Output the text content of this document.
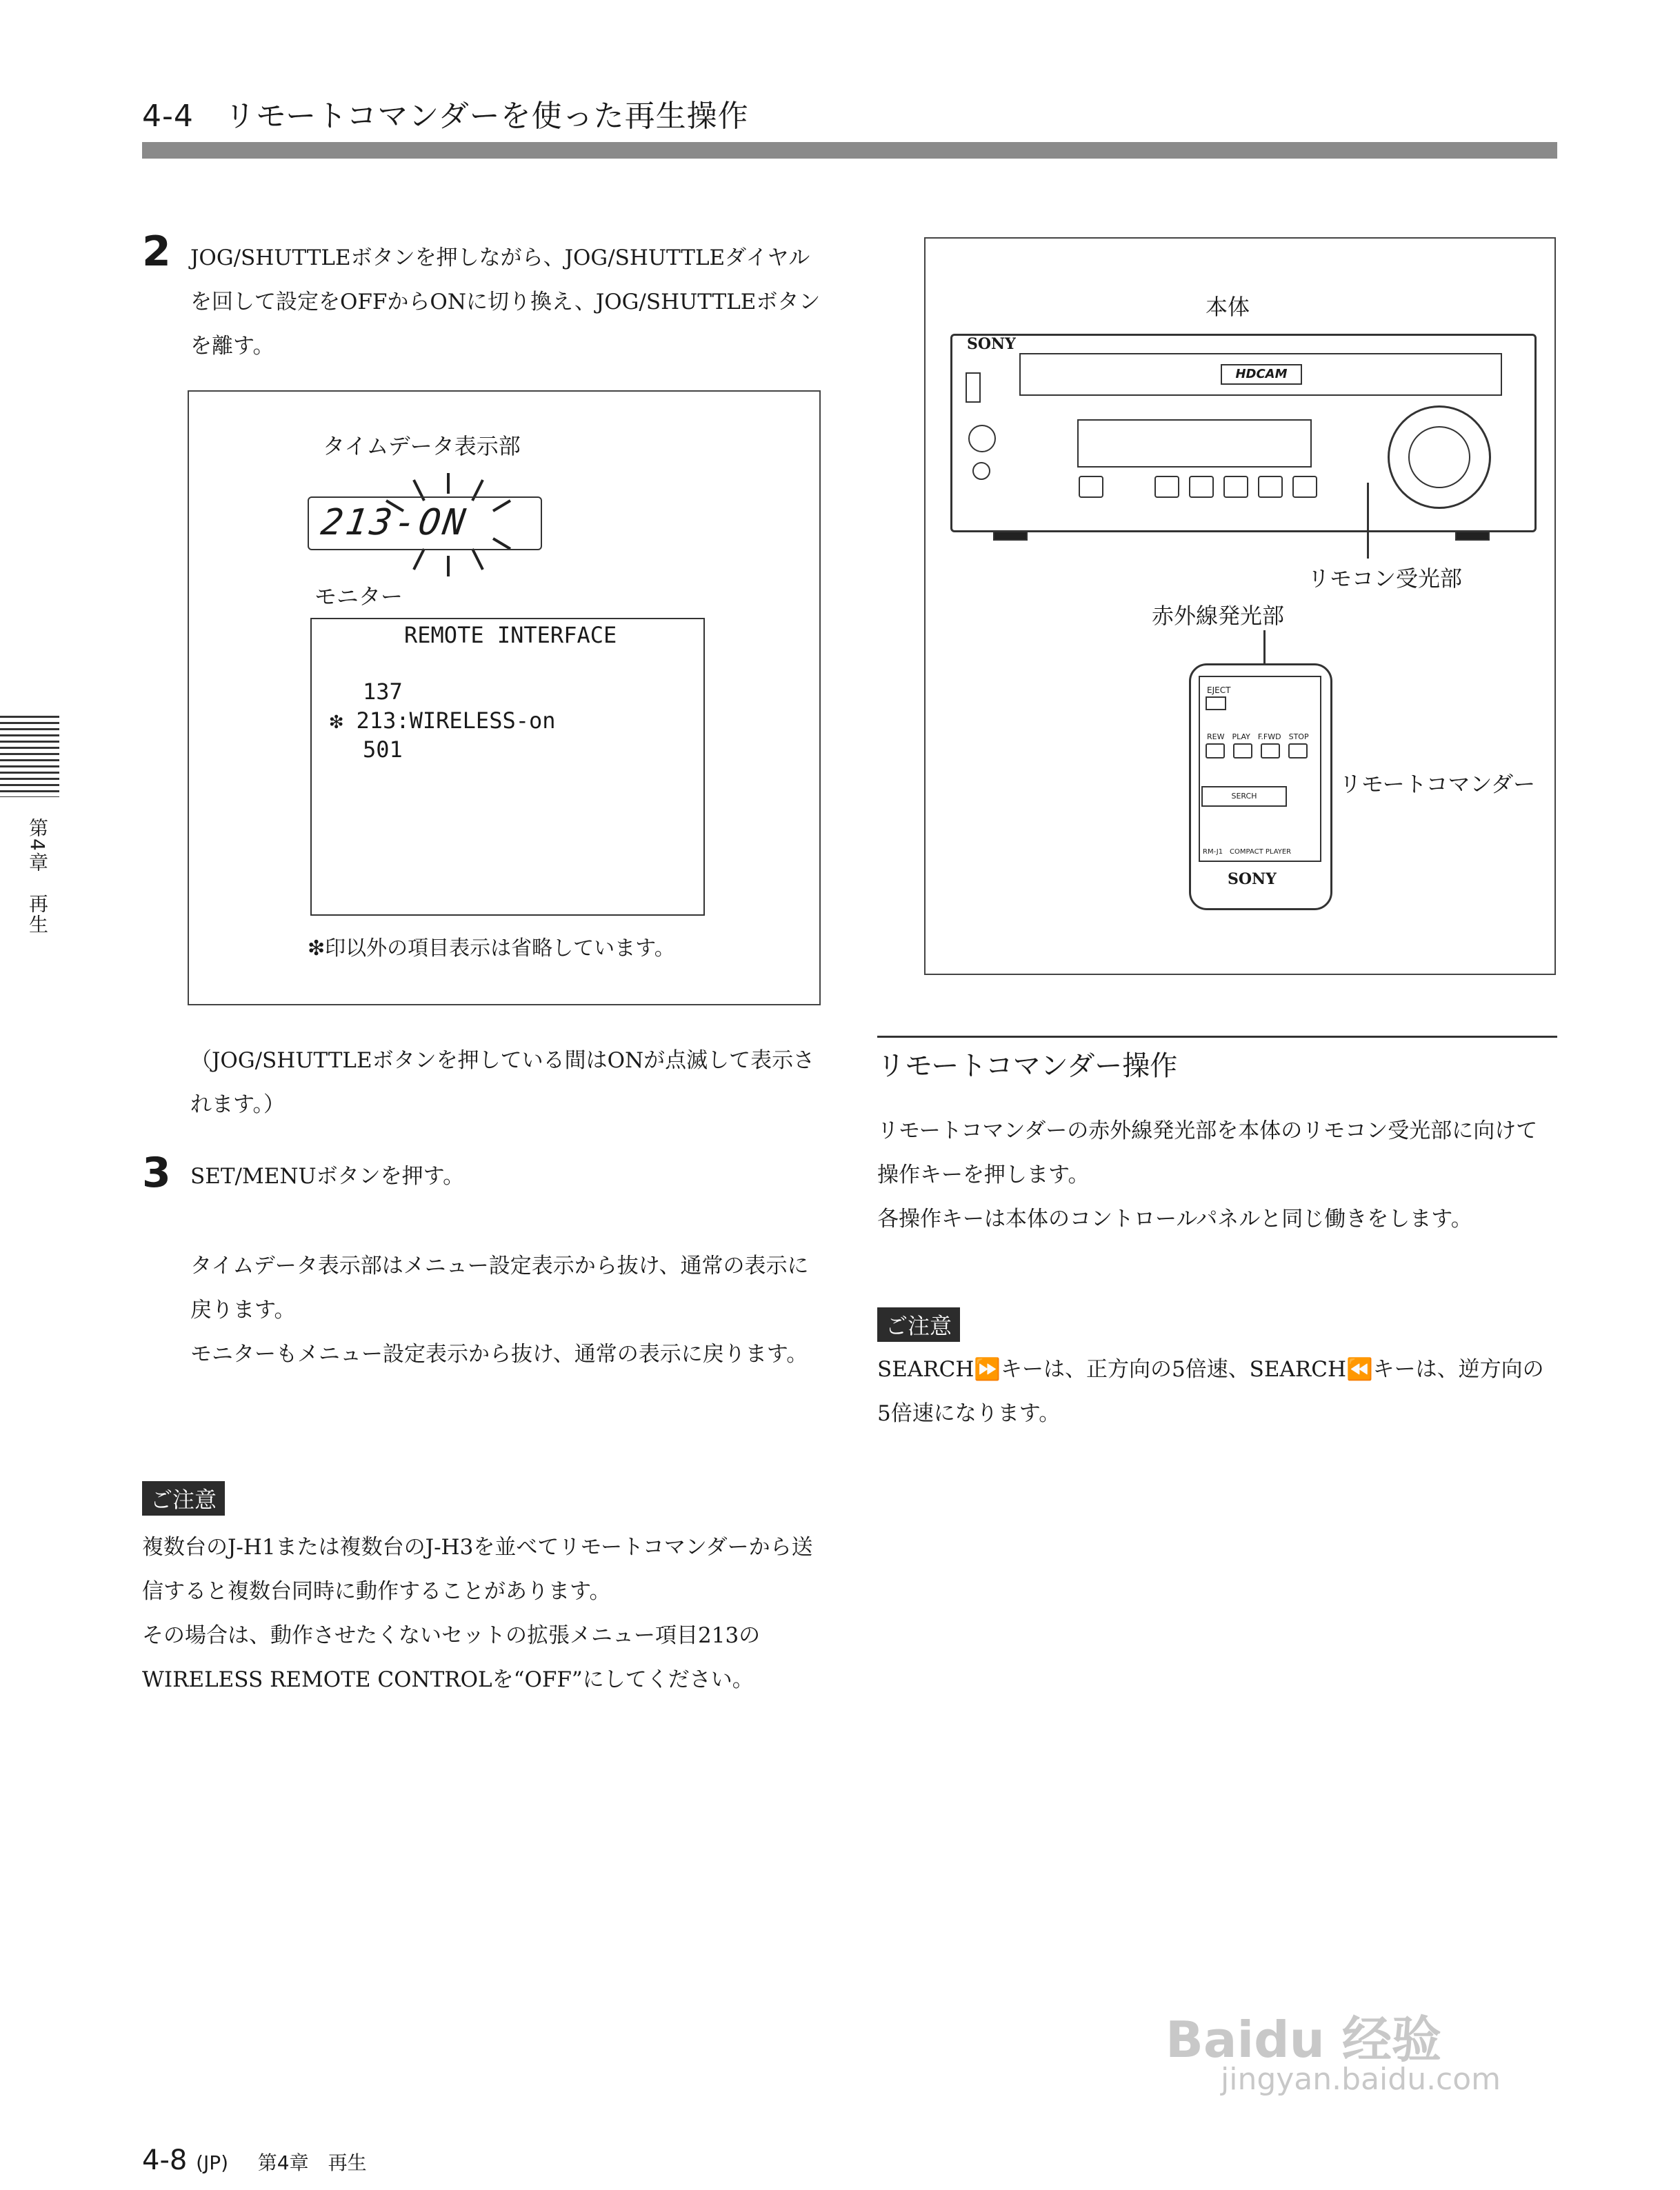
4-4　リモートコマンダーを使った再生操作
2 JOG/SHUTTLEボタンを押しながら、JOG/SHUTTLEダイヤルを回して設定をOFFからONに切り換え、JOG/SHUTTLEボタンを離す。
タイムデータ表示部
213-ON
モニター
REMOTE INTERFACE
137
❇ 213:WIRELESS-on
501
❇印以外の項目表示は省略しています。
（JOG/SHUTTLEボタンを押している間はONが点滅して表示されます。）
3 SET/MENUボタンを押す。
タイムデータ表示部はメニュー設定表示から抜け、通常の表示に戻ります。
モニターもメニュー設定表示から抜け、通常の表示に戻ります。
ご注意
複数台のJ-H1または複数台のJ-H3を並べてリモートコマンダーから送信すると複数台同時に動作することがあります。
その場合は、動作させたくないセットの拡張メニュー項目213のWIRELESS REMOTE CONTROLを“OFF”にしてください。
本体
SONY
HDCAM
リモコン受光部
赤外線発光部
EJECT
REW　PLAY　F.FWD　STOP
SERCH
RM-J1　COMPACT PLAYER
SONY
リモートコマンダー
リモートコマンダー操作
リモートコマンダーの赤外線発光部を本体のリモコン受光部に向けて操作キーを押します。
各操作キーは本体のコントロールパネルと同じ働きをします。
ご注意
SEARCH⏩キーは、正方向の5倍速、SEARCH⏪キーは、逆方向の5倍速になります。
第4章　再生
Baidu 经验
jingyan.baidu.com
4-8 (JP) 第4章　再生
